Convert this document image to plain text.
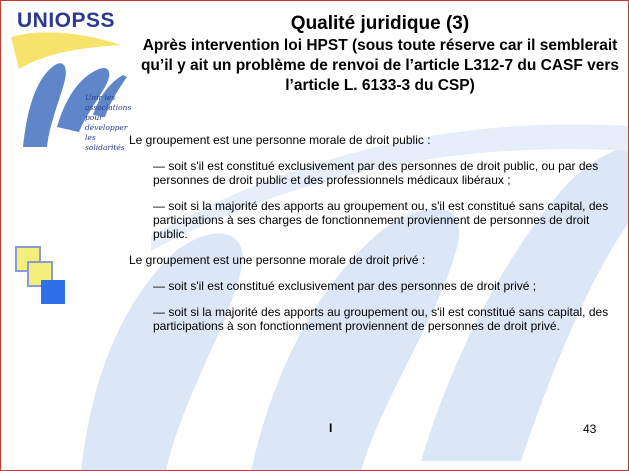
UNIOPSS
Unir les associations pour développer les solidarités
Qualité juridique (3)
Après intervention loi HPST (sous toute réserve car il semblerait qu’il y ait un problème de renvoi de l’article L312-7 du CASF vers l’article L. 6133-3 du CSP)

Le groupement est une personne morale de droit public :

— soit s'il est constitué exclusivement par des personnes de droit public, ou par des personnes de droit public et des professionnels médicaux libéraux ;

— soit si la majorité des apports au groupement ou, s'il est constitué sans capital, des participations à ses charges de fonctionnement proviennent de personnes de droit public.

Le groupement est une personne morale de droit privé :

— soit s'il est constitué exclusivement par des personnes de droit privé ;

— soit si la majorité des apports au groupement ou, s'il est constitué sans capital, des participations à son fonctionnement proviennent de personnes de droit privé.

I	43
